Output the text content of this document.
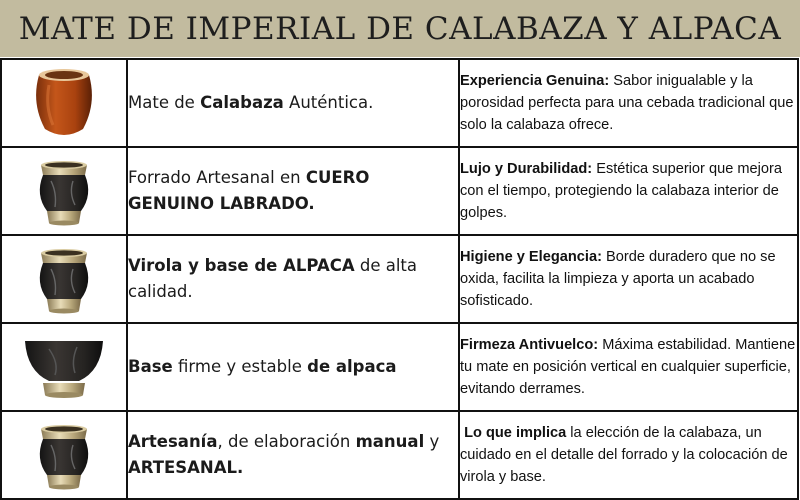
MATE DE IMPERIAL DE CALABAZA Y ALPACA

Mate de Calabaza Auténtica.	Experiencia Genuina: Sabor inigualable y la porosidad perfecta para una cebada tradicional que solo la calabaza ofrece.

Forrado Artesanal en CUERO GENUINO LABRADO.	Lujo y Durabilidad: Estética superior que mejora con el tiempo, protegiendo la calabaza interior de golpes.

Virola y base de ALPACA de alta calidad.	Higiene y Elegancia: Borde duradero que no se oxida, facilita la limpieza y aporta un acabado sofisticado.

Base firme y estable de alpaca	Firmeza Antivuelco: Máxima estabilidad. Mantiene tu mate en posición vertical en cualquier superficie, evitando derrames.

Artesanía, de elaboración manual y ARTESANAL.	Lo que implica la elección de la calabaza, un cuidado en el detalle del forrado y la colocación de virola y base.
